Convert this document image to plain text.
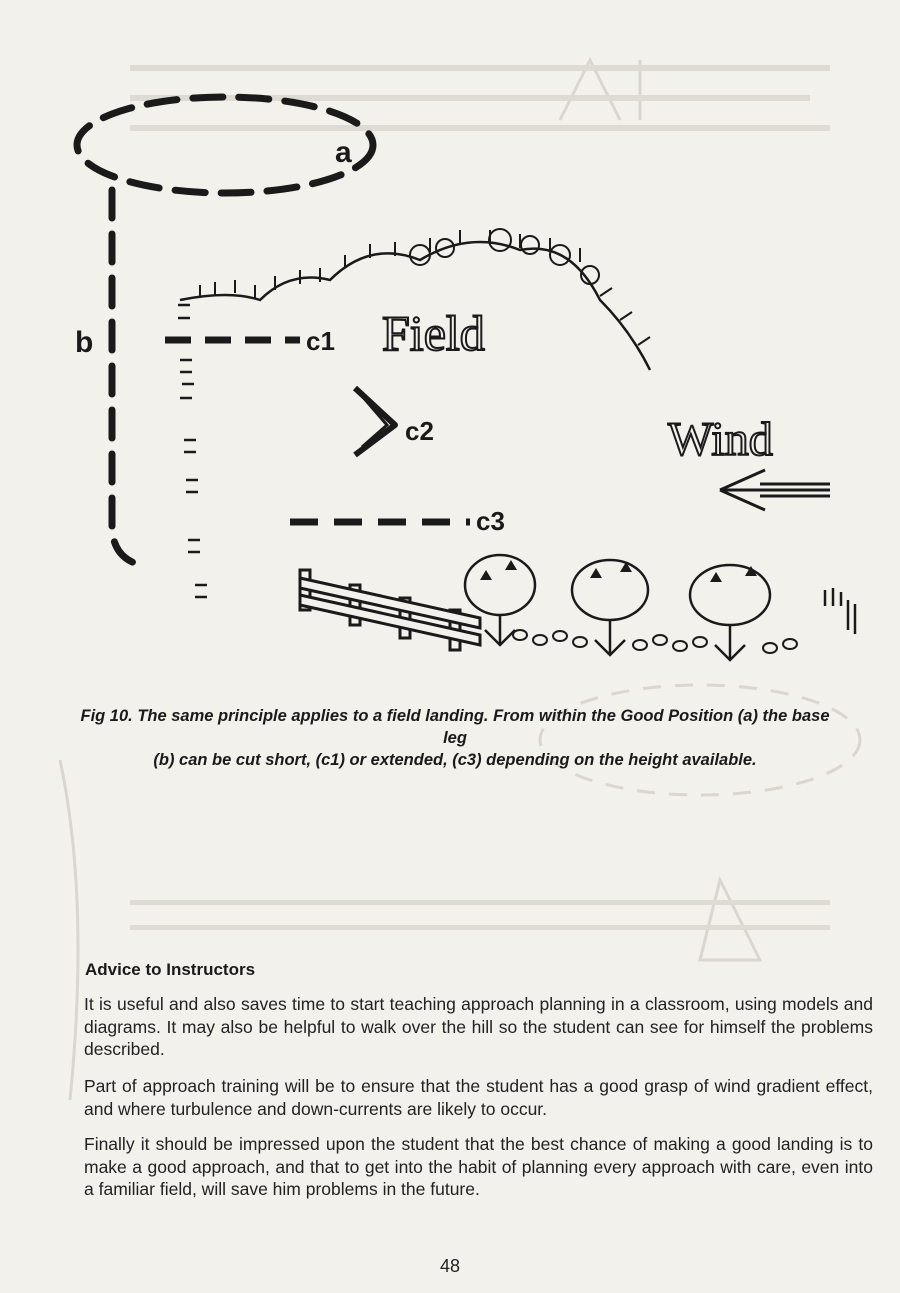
a
b	c1
c2
c3
Field
Wind
Fig 10. The same principle applies to a field landing. From within the Good Position (a) the base leg
(b) can be cut short, (c1) or extended, (c3) depending on the height available.
Advice to Instructors

It is useful and also saves time to start teaching approach planning in a classroom, using models and diagrams. It may also be helpful to walk over the hill so the student can see for himself the problems described.

Part of approach training will be to ensure that the student has a good grasp of wind gradient effect, and where turbulence and down-currents are likely to occur.

Finally it should be impressed upon the student that the best chance of making a good landing is to make a good approach, and that to get into the habit of planning every approach with care, even into a familiar field, will save him problems in the future.

48
